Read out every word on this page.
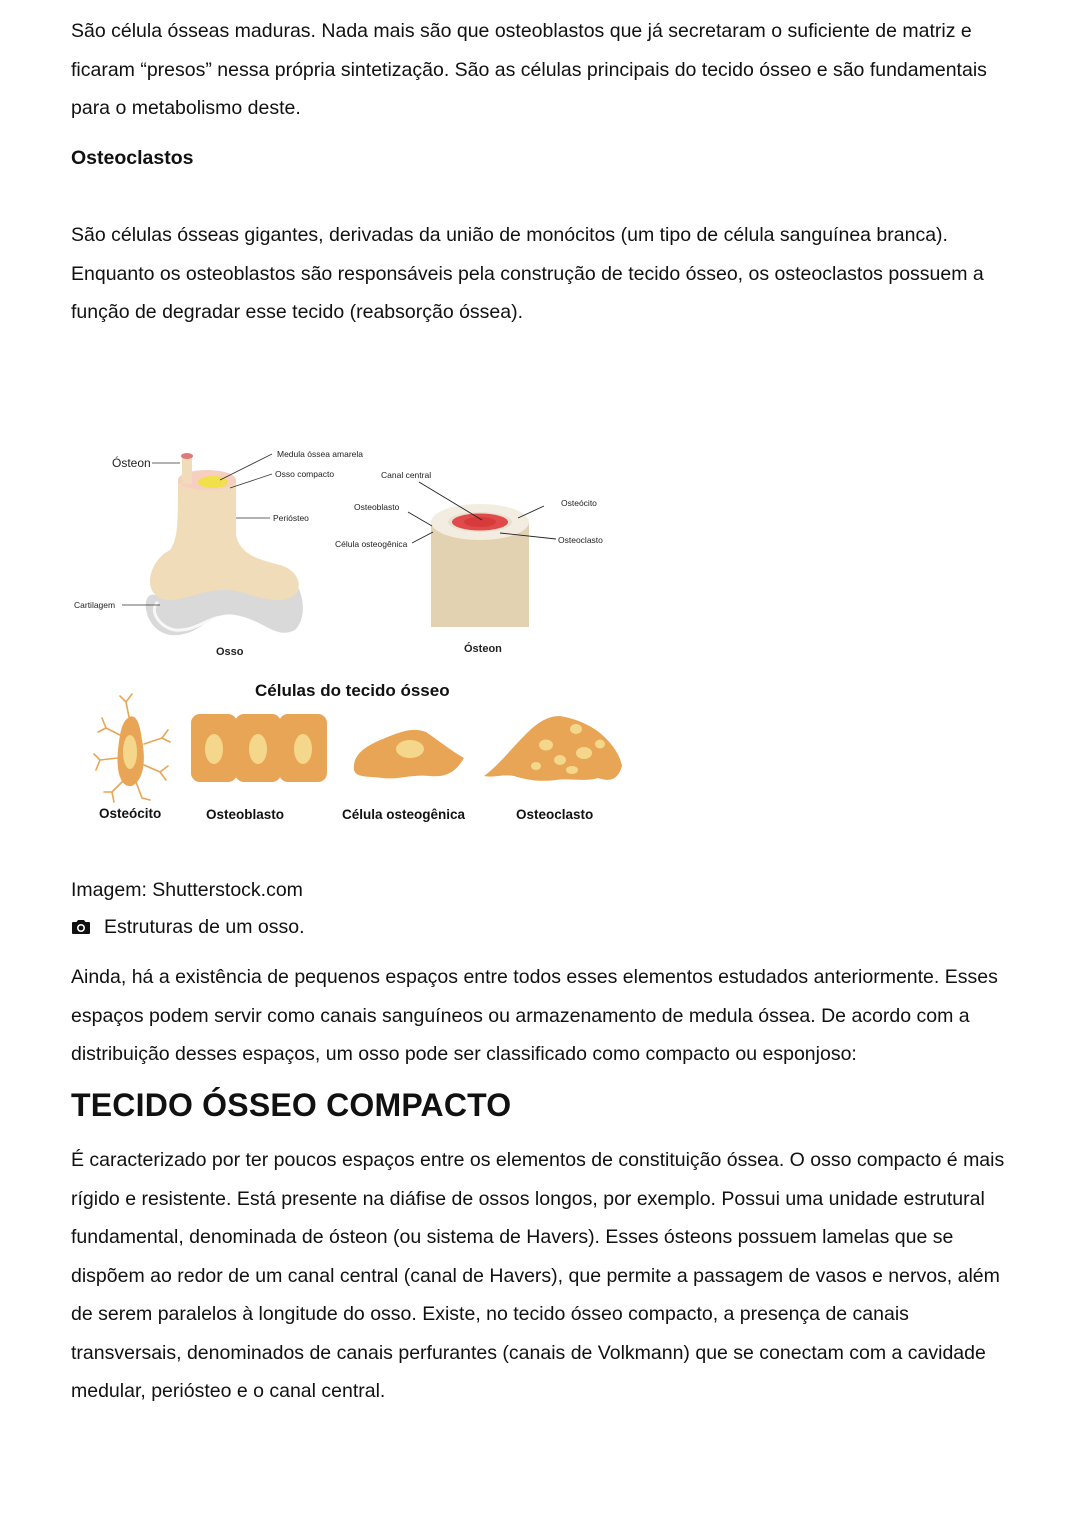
São célula ósseas maduras. Nada mais são que osteoblastos que já secretaram o suficiente de matriz e ficaram “presos” nessa própria sintetização. São as células principais do tecido ósseo e são fundamentais para o metabolismo deste.

Osteoclastos

São células ósseas gigantes, derivadas da união de monócitos (um tipo de célula sanguínea branca). Enquanto os osteoblastos são responsáveis pela construção de tecido ósseo, os osteoclastos possuem a função de degradar esse tecido (reabsorção óssea).

Ósteon
Medula óssea amarela
Osso compacto
Periósteo
Cartilagem
Osso
Canal central
Osteoblasto
Célula osteogênica
Osteócito
Osteoclasto
Ósteon
Células do tecido ósseo
Osteócito	Osteoblasto	Célula osteogênica	Osteoclasto
Imagem: Shutterstock.com
Estruturas de um osso.

Ainda, há a existência de pequenos espaços entre todos esses elementos estudados anteriormente. Esses espaços podem servir como canais sanguíneos ou armazenamento de medula óssea. De acordo com a distribuição desses espaços, um osso pode ser classificado como compacto ou esponjoso:

TECIDO ÓSSEO COMPACTO

É caracterizado por ter poucos espaços entre os elementos de constituição óssea. O osso compacto é mais rígido e resistente. Está presente na diáfise de ossos longos, por exemplo. Possui uma unidade estrutural fundamental, denominada de ósteon (ou sistema de Havers). Esses ósteons possuem lamelas que se dispõem ao redor de um canal central (canal de Havers), que permite a passagem de vasos e nervos, além de serem paralelos à longitude do osso. Existe, no tecido ósseo compacto, a presença de canais transversais, denominados de canais perfurantes (canais de Volkmann) que se conectam com a cavidade medular, periósteo e o canal central.
